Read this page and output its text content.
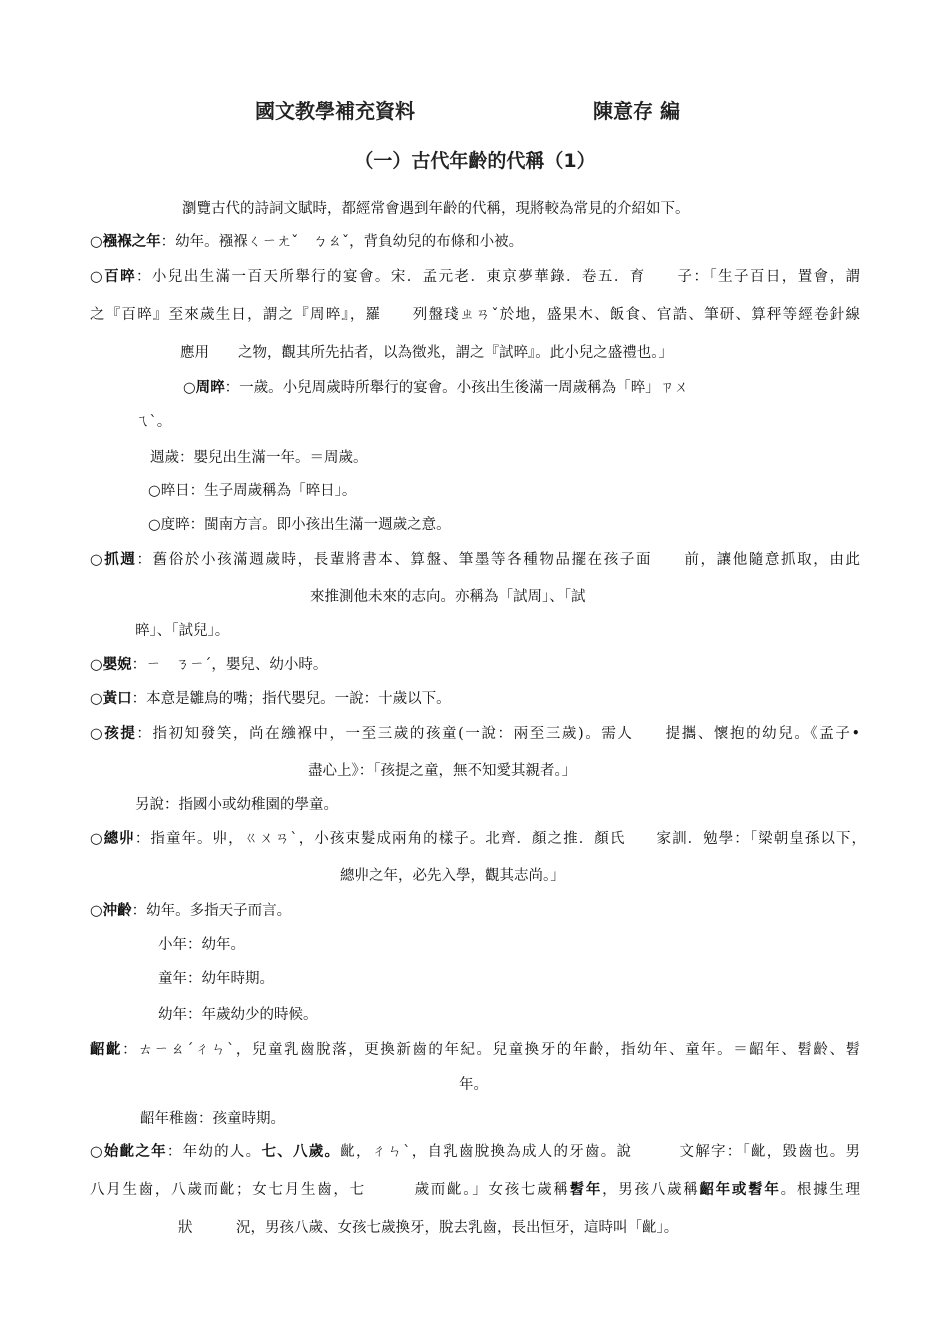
國文教學補充資料	陳意存 編
（一）古代年齡的代稱（1）
瀏覽古代的詩詞文賦時，都經常會遇到年齡的代稱，現將較為常見的介紹如下。
○襁褓之年：幼年。襁褓ㄑㄧㄤˇ　ㄅㄠˇ，背負幼兒的布條和小被。
○百晬：小兒出生滿一百天所舉行的宴會。宋．孟元老．東京夢華錄．卷五．育　　子：「生子百日，置會，謂
之『百晬』至來歲生日，謂之『周晬』，羅　　列盤琖ㄓㄢˇ於地，盛果木、飯食、官誥、筆研、算秤等經卷針線
應用　　之物，觀其所先拈者，以為徵兆，謂之『試晬』。此小兒之盛禮也。」
○周晬：一歲。小兒周歲時所舉行的宴會。小孩出生後滿一周歲稱為「晬」ㄗㄨ
ㄟˋ。
週歲：嬰兒出生滿一年。＝周歲。
○晬日：生子周歲稱為「晬日」。
○度晬：閩南方言。即小孩出生滿一週歲之意。
○抓週：舊俗於小孩滿週歲時，長輩將書本、算盤、筆墨等各種物品擺在孩子面　　前，讓他隨意抓取，由此
來推測他未來的志向。亦稱為「試周」、「試
晬」、「試兒」。
○嬰婗：ㄧ　ㄋㄧˊ，嬰兒、幼小時。
○黃口：本意是雛鳥的嘴；指代嬰兒。一說：十歲以下。
○孩提：指初知發笑，尚在繈褓中，一至三歲的孩童(一說：兩至三歲)。需人　　提攜、懷抱的幼兒。《孟子•
盡心上》：「孩提之童，無不知愛其親者。」
另說：指國小或幼稚園的學童。
○總丱：指童年。丱，ㄍㄨㄢˋ，小孩束髮成兩角的樣子。北齊．顏之推．顏氏　　家訓．勉學：「梁朝皇孫以下，
總丱之年，必先入學，觀其志尚。」
○沖齡：幼年。多指天子而言。
小年：幼年。
童年：幼年時期。
幼年：年歲幼少的時候。
齠齔：ㄊㄧㄠˊㄔㄣˋ，兒童乳齒脫落，更換新齒的年紀。兒童換牙的年齡，指幼年、童年。＝齠年、髫齡、髫
年。
齠年稚齒：孩童時期。
○始齔之年：年幼的人。七、八歲。齔，ㄔㄣˋ，自乳齒脫換為成人的牙齒。說　　　文解字：「齔，毀齒也。男
八月生齒，八歲而齔；女七月生齒，七　　　歲而齔。」女孩七歲稱髫年，男孩八歲稱齠年或髫年。根據生理
狀　　　況，男孩八歲、女孩七歲換牙，脫去乳齒，長出恒牙，這時叫「齔」。
